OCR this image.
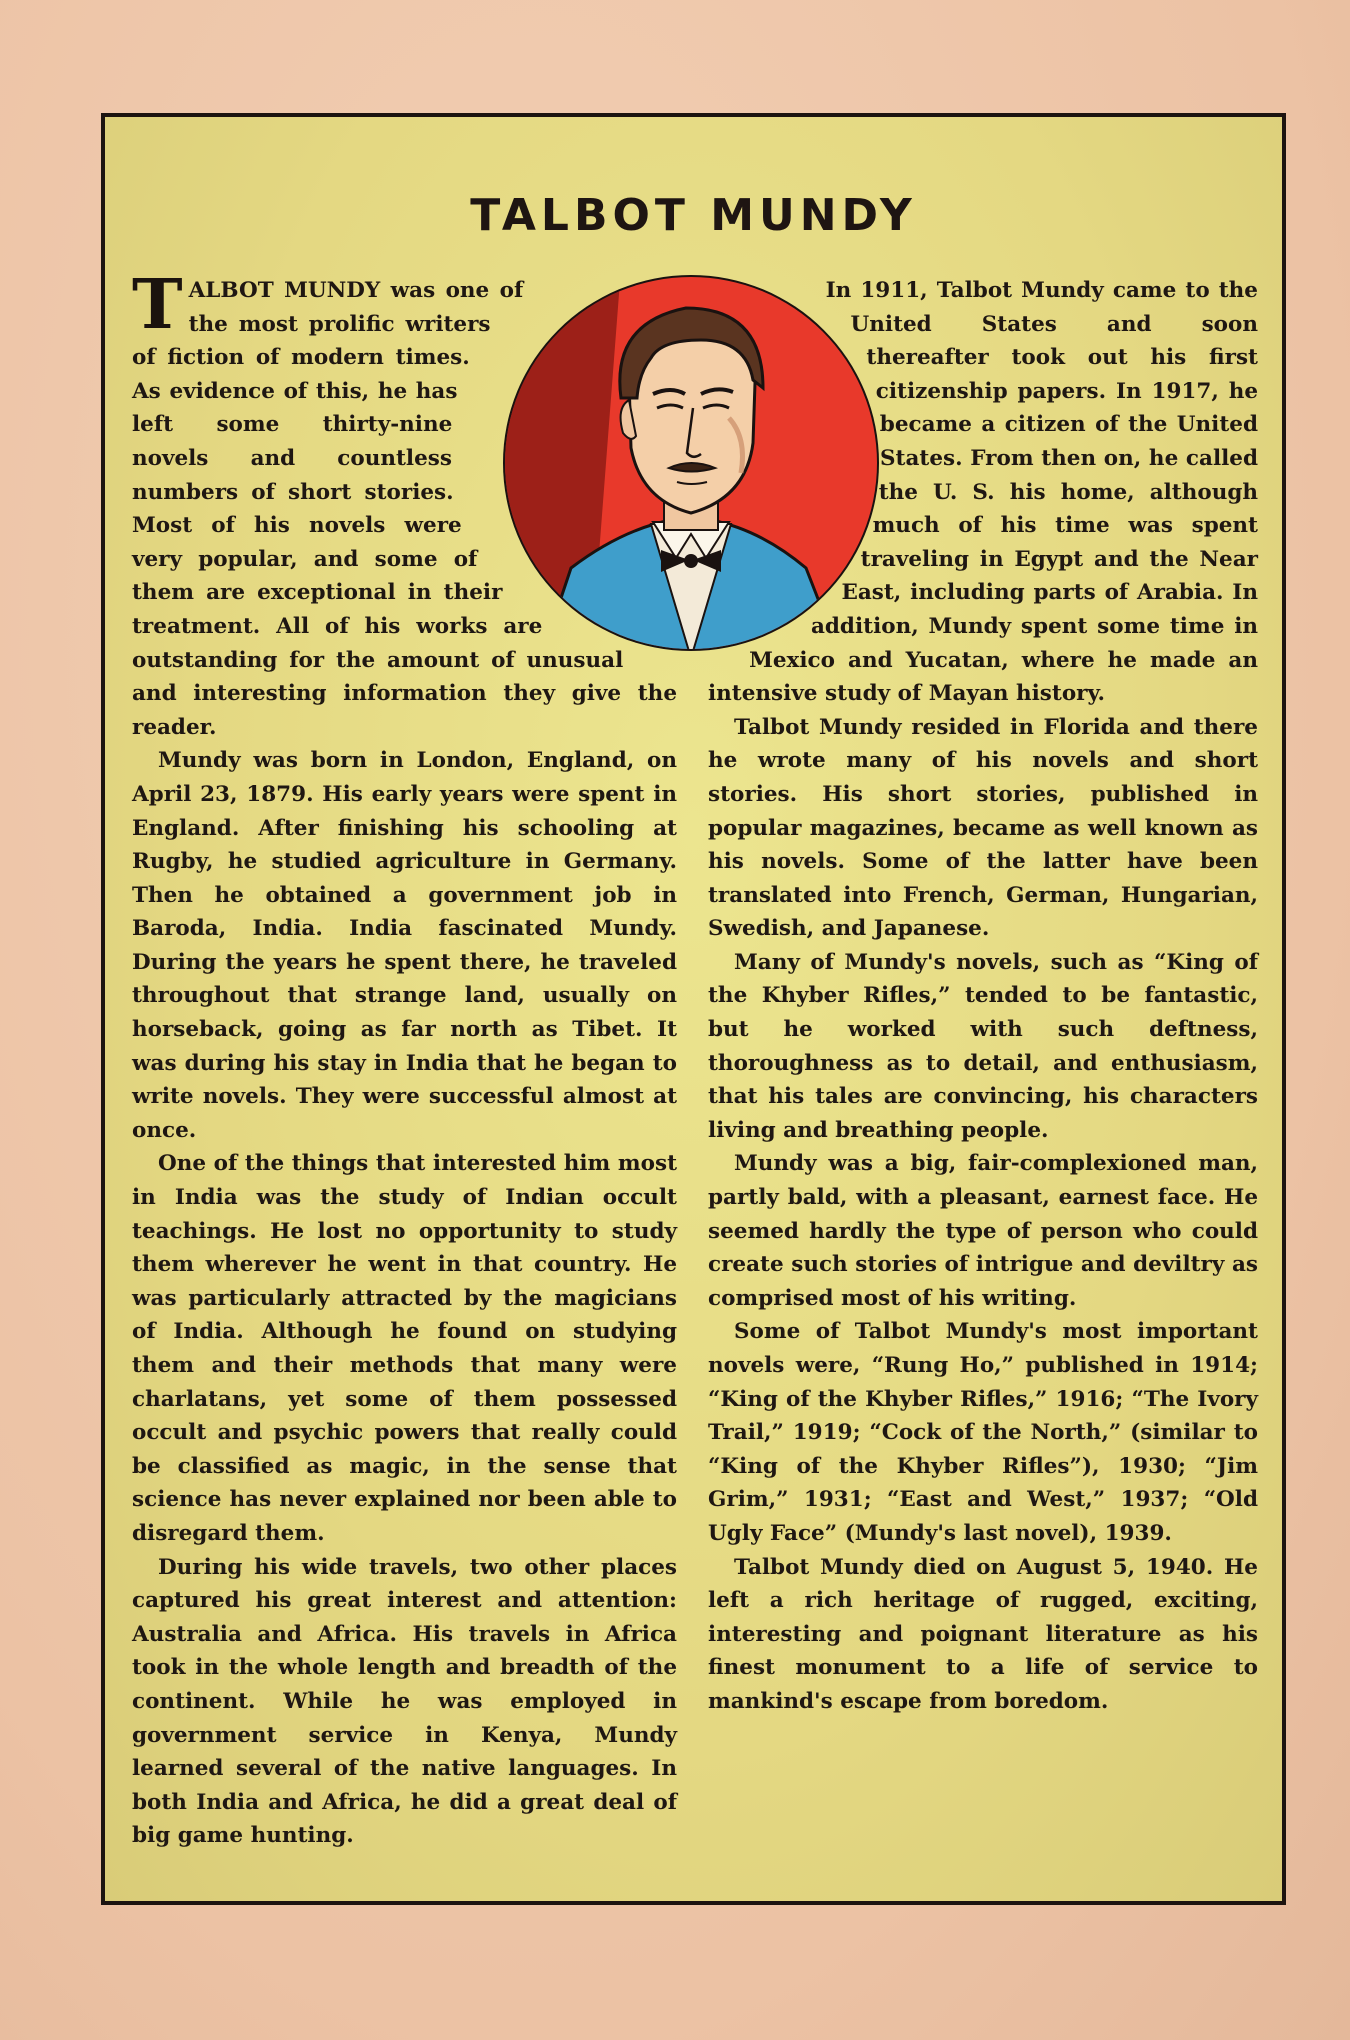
TALBOT MUNDY

TALBOT MUNDY was one of the most prolific writers of fiction of modern times. As evidence of this, he has left some thirty-nine novels and countless numbers of short stories. Most of his novels were very popular, and some of them are exceptional in their treatment. All of his works are outstanding for the amount of unusual and interesting information they give the reader.

Mundy was born in London, England, on April 23, 1879. His early years were spent in England. After finishing his schooling at Rugby, he studied agriculture in Germany. Then he obtained a government job in Baroda, India. India fascinated Mundy. During the years he spent there, he traveled throughout that strange land, usually on horseback, going as far north as Tibet. It was during his stay in India that he began to write novels. They were successful almost at once.

One of the things that interested him most in India was the study of Indian occult teachings. He lost no opportunity to study them wherever he went in that country. He was particularly attracted by the magicians of India. Although he found on studying them and their methods that many were charlatans, yet some of them possessed occult and psychic powers that really could be classified as magic, in the sense that science has never explained nor been able to disregard them.

During his wide travels, two other places captured his great interest and attention: Australia and Africa. His travels in Africa took in the whole length and breadth of the continent. While he was employed in government service in Kenya, Mundy learned several of the native languages. In both India and Africa, he did a great deal of big game hunting.

In 1911, Talbot Mundy came to the United States and soon thereafter took out his first citizenship papers. In 1917, he became a citizen of the United States. From then on, he called the U. S. his home, although much of his time was spent traveling in Egypt and the Near East, including parts of Arabia. In addition, Mundy spent some time in Mexico and Yucatan, where he made an intensive study of Mayan history.

Talbot Mundy resided in Florida and there he wrote many of his novels and short stories. His short stories, published in popular magazines, became as well known as his novels. Some of the latter have been translated into French, German, Hungarian, Swedish, and Japanese.

Many of Mundy's novels, such as “King of the Khyber Rifles,” tended to be fantastic, but he worked with such deftness, thoroughness as to detail, and enthusiasm, that his tales are convincing, his characters living and breathing people.

Mundy was a big, fair-complexioned man, partly bald, with a pleasant, earnest face. He seemed hardly the type of person who could create such stories of intrigue and deviltry as comprised most of his writing.

Some of Talbot Mundy's most important novels were, “Rung Ho,” published in 1914; “King of the Khyber Rifles,” 1916; “The Ivory Trail,” 1919; “Cock of the North,” (similar to “King of the Khyber Rifles”), 1930; “Jim Grim,” 1931; “East and West,” 1937; “Old Ugly Face” (Mundy's last novel), 1939.

Talbot Mundy died on August 5, 1940. He left a rich heritage of rugged, exciting, interesting and poignant literature as his finest monument to a life of service to mankind's escape from boredom.
